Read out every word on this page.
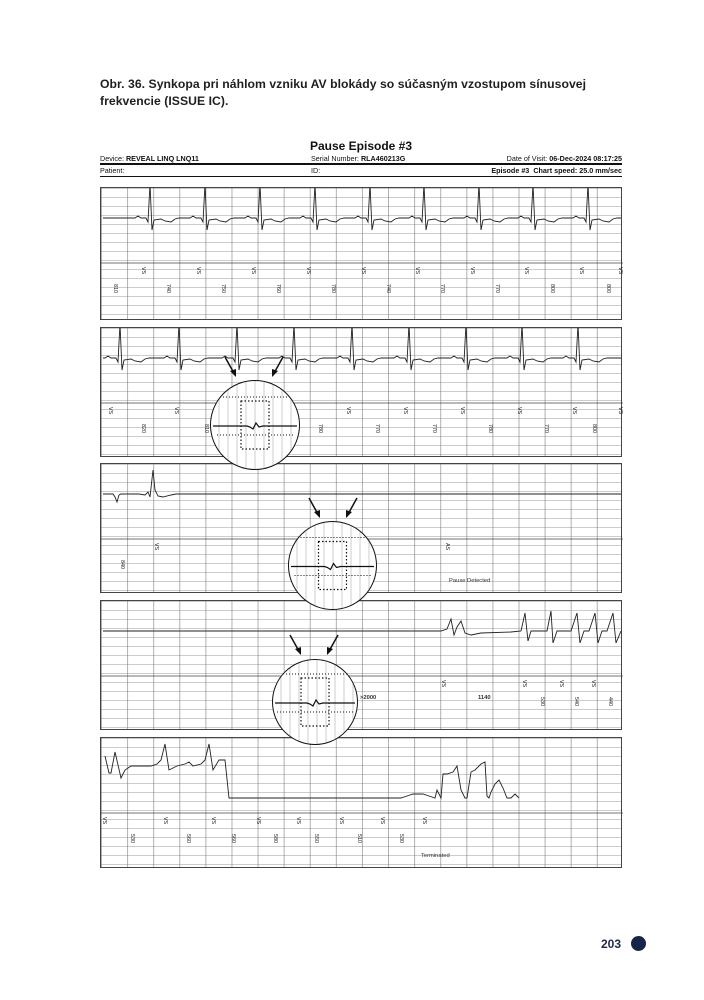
Obr. 36. Synkopa pri náhlom vzniku AV blokády so súčasným vzostupom sínusovej frekvencie (ISSUE IC).
Pause Episode #3
Device: REVEAL LINQ LNQ11	Serial Number: RLA460213G	Date of Visit: 06-Dec-2024 08:17:25
Patient:	ID:	Episode #3 Chart speed: 25.0 mm/sec
VS	VS	VS	VS	VS	VS	VS	VS	VS	VS
810	740	750	760	780	740	770	770	800	800
VS	VS	VS	VS	VS	VS	VS	VS
820	810	780	770	770	780	770	800
VS	AS
840
VS	VS	VS	VS
530	540	440
VS	VS	VS	VS	VS	VS	VS	VS
530	560	560	580	550	510	530
Pause Detected
Terminated
>2000	1140
203
